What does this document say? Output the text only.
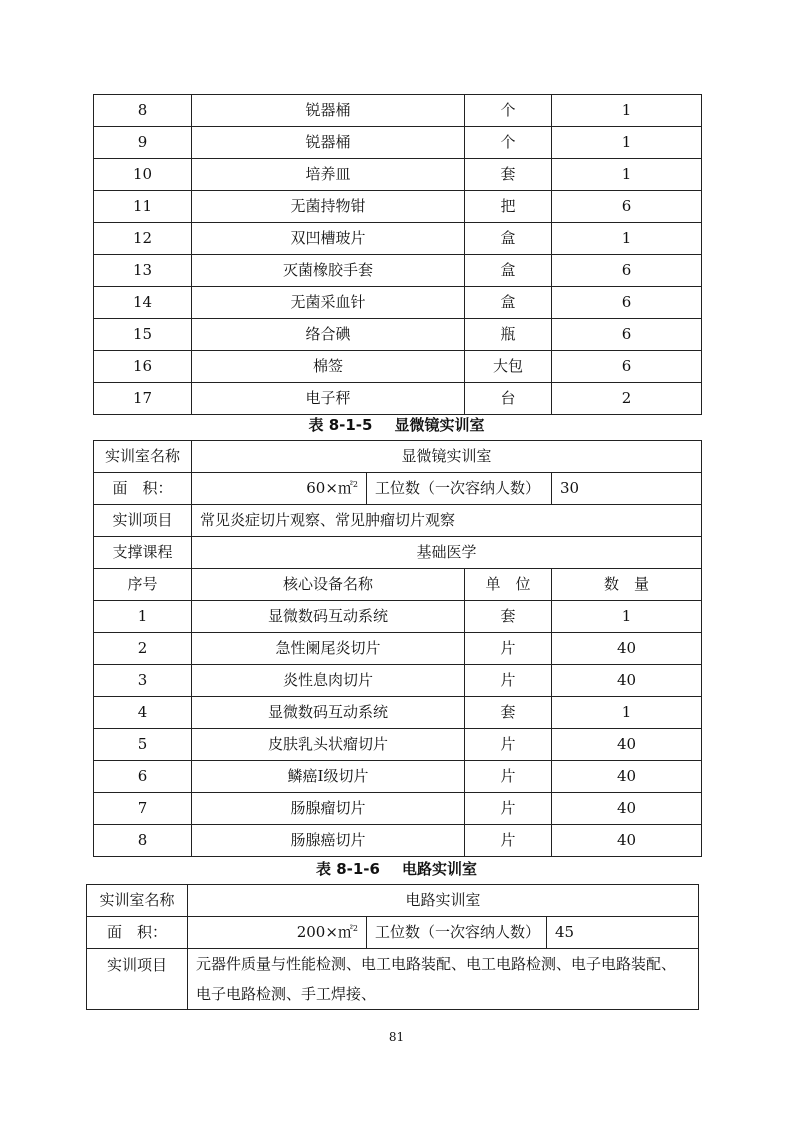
8	锐器桶	个	1
9	锐器桶	个	1
10	培养皿	套	1
11	无菌持物钳	把	6
12	双凹槽玻片	盒	1
13	灭菌橡胶手套	盒	6
14	无菌采血针	盒	6
15	络合碘	瓶	6
16	棉签	大包	6
17	电子秤	台	2
表 8-1-5 显微镜实训室
实训室名称	显微镜实训室			
面　积：	60×㎡$^2$	工位数（一次容纳人数）		30
实训项目	常见炎症切片观察、常见肿瘤切片观察			
支撑课程	基础医学			
序号	核心设备名称		单　位	数　量
1	显微数码互动系统		套	1
2	急性阑尾炎切片		片	40
3	炎性息肉切片		片	40
4	显微数码互动系统		套	1
5	皮肤乳头状瘤切片		片	40
6	鳞癌Ⅰ级切片		片	40
7	肠腺瘤切片		片	40
8	肠腺癌切片		片	40
表 8-1-6 电路实训室
实训室名称	电路实训室		
面　积：	200×㎡$^2$	工位数（一次容纳人数）	45
实训项目	元器件质量与性能检测、电工电路装配、电工电路检测、电子电路装配、电子电路检测、手工焊接、		
81
